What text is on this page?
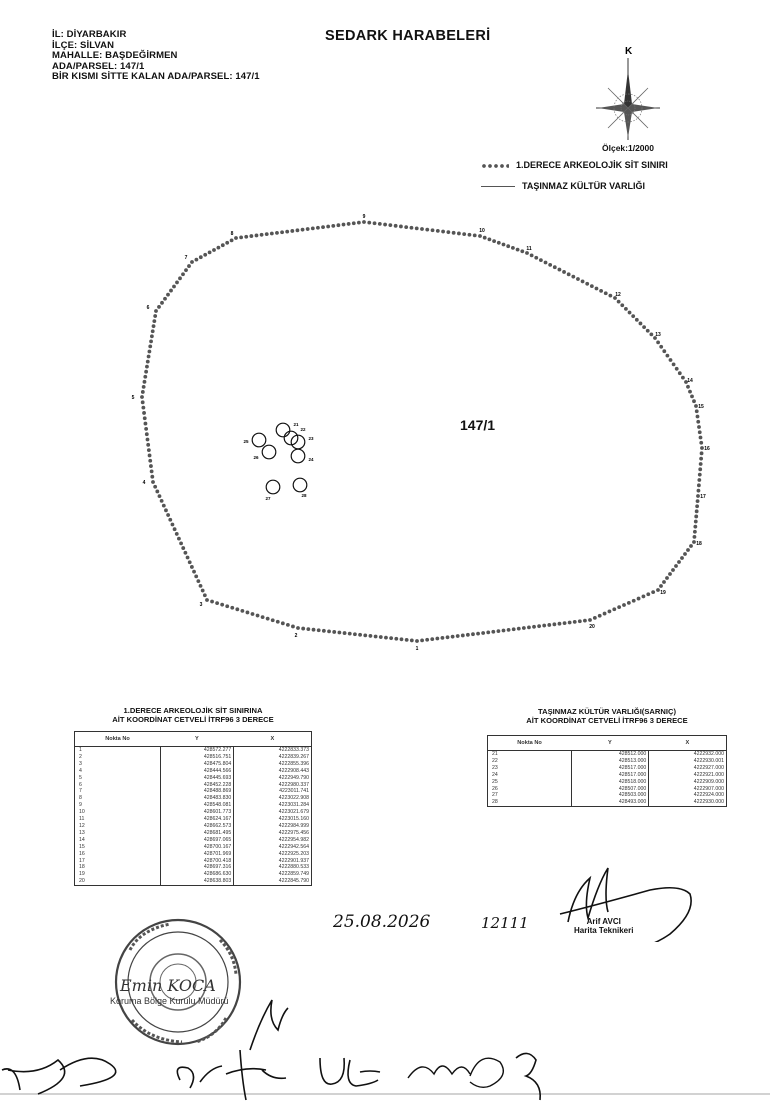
İL: DİYARBAKIR
İLÇE: SİLVAN
MAHALLE: BAŞDEĞİRMEN
ADA/PARSEL: 147/1
BİR KISMI SİTTE KALAN ADA/PARSEL: 147/1
SEDARK HARABELERİ
K
Ölçek:1/2000
1.DERECE ARKEOLOJİK SİT SINIRI
TAŞINMAZ KÜLTÜR VARLIĞI
1
2
3
4
5
6
7
8
9
10
11
12
13
14
15
16
17
18
19
20
21
22
23
24
25
26
27
28
147/1
1.DERECE ARKEOLOJİK SİT SINIRINA
AİT KOORDİNAT CETVELİ İTRF96 3 DERECE
Nokta No	Y	X
1	428572.277	4222833.373
2	428516.751	4222839.267
3	428475.804	4222855.396
4	428444.566	4222908.443
5	428445.693	4222949.790
6	428452.228	4222980.337
7	428488.869	4223011.741
8	428483.830	4223022.908
9	428548.081	4223031.284
10	428601.773	4223021.679
11	428624.167	4223015.160
12	428662.573	4222984.999
13	428681.495	4222975.456
14	428697.065	4222954.982
15	428700.167	4222942.564
16	428701.969	4222925.203
17	428700.418	4222901.937
18	428697.316	4222880.533
19	428686.630	4222859.749
20	428638.803	4222845.790
TAŞINMAZ KÜLTÜR VARLIĞI(SARNIÇ)
AİT KOORDİNAT CETVELİ İTRF96 3 DERECE
Nokta No	Y	X
21	428512.000	4222932.000
22	428513.000	4222930.001
23	428517.000	4222927.000
24	428517.000	4222921.000
25	428518.000	4222909.000
26	428507.000	4222907.000
27	428503.000	4222924.000
28	428493.000	4222930.000
Emin KOCA
Koruma Bölge Kurulu Müdürü
25.08.2026	12111	Arif AVCI
Harita Teknikeri
